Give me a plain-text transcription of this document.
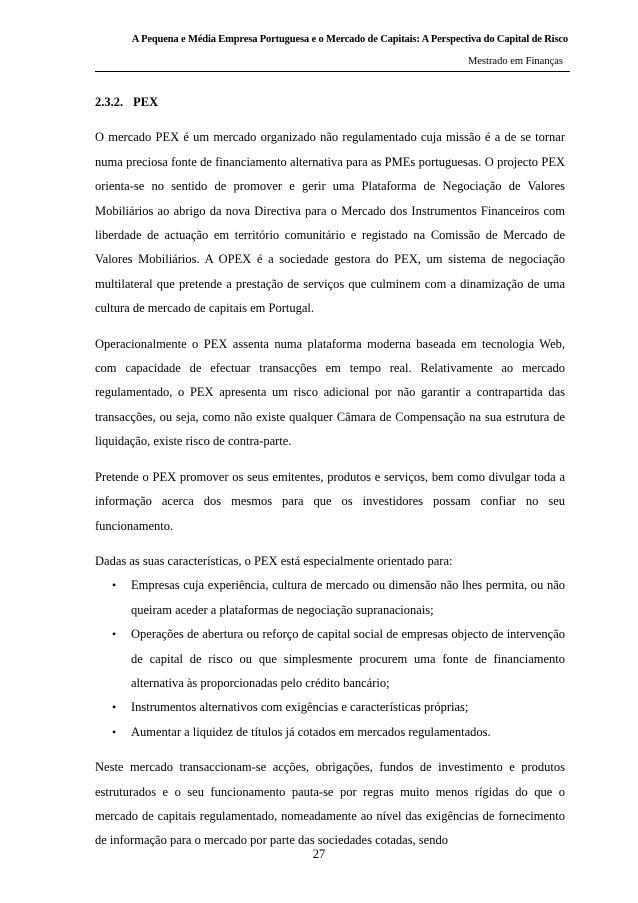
A Pequena e Média Empresa Portuguesa e o Mercado de Capitais: A Perspectiva do Capital de Risco
Mestrado em Finanças

2.3.2. PEX

O mercado PEX é um mercado organizado não regulamentado cuja missão é a de se tornar numa preciosa fonte de financiamento alternativa para as PMEs portuguesas. O projecto PEX orienta-se no sentido de promover e gerir uma Plataforma de Negociação de Valores Mobiliários ao abrigo da nova Directiva para o Mercado dos Instrumentos Financeiros com liberdade de actuação em território comunitário e registado na Comissão de Mercado de Valores Mobiliários. A OPEX é a sociedade gestora do PEX, um sistema de negociação multilateral que pretende a prestação de serviços que culminem com a dinamização de uma cultura de mercado de capitais em Portugal.

Operacionalmente o PEX assenta numa plataforma moderna baseada em tecnologia Web, com capacidade de efectuar transacções em tempo real. Relativamente ao mercado regulamentado, o PEX apresenta um risco adicional por não garantir a contrapartida das transacções, ou seja, como não existe qualquer Câmara de Compensação na sua estrutura de liquidação, existe risco de contra-parte.

Pretende o PEX promover os seus emitentes, produtos e serviços, bem como divulgar toda a informação acerca dos mesmos para que os investidores possam confiar no seu funcionamento.

Dadas as suas características, o PEX está especialmente orientado para:

• Empresas cuja experiência, cultura de mercado ou dimensão não lhes permita, ou não queiram aceder a plataformas de negociação supranacionais;
• Operações de abertura ou reforço de capital social de empresas objecto de intervenção de capital de risco ou que simplesmente procurem uma fonte de financiamento alternativa às proporcionadas pelo crédito bancário;
• Instrumentos alternativos com exigências e características próprias;
• Aumentar a liquidez de títulos já cotados em mercados regulamentados.

Neste mercado transaccionam-se acções, obrigações, fundos de investimento e produtos estruturados e o seu funcionamento pauta-se por regras muito menos rígidas do que o mercado de capitais regulamentado, nomeadamente ao nível das exigências de fornecimento de informação para o mercado por parte das sociedades cotadas, sendo

27
